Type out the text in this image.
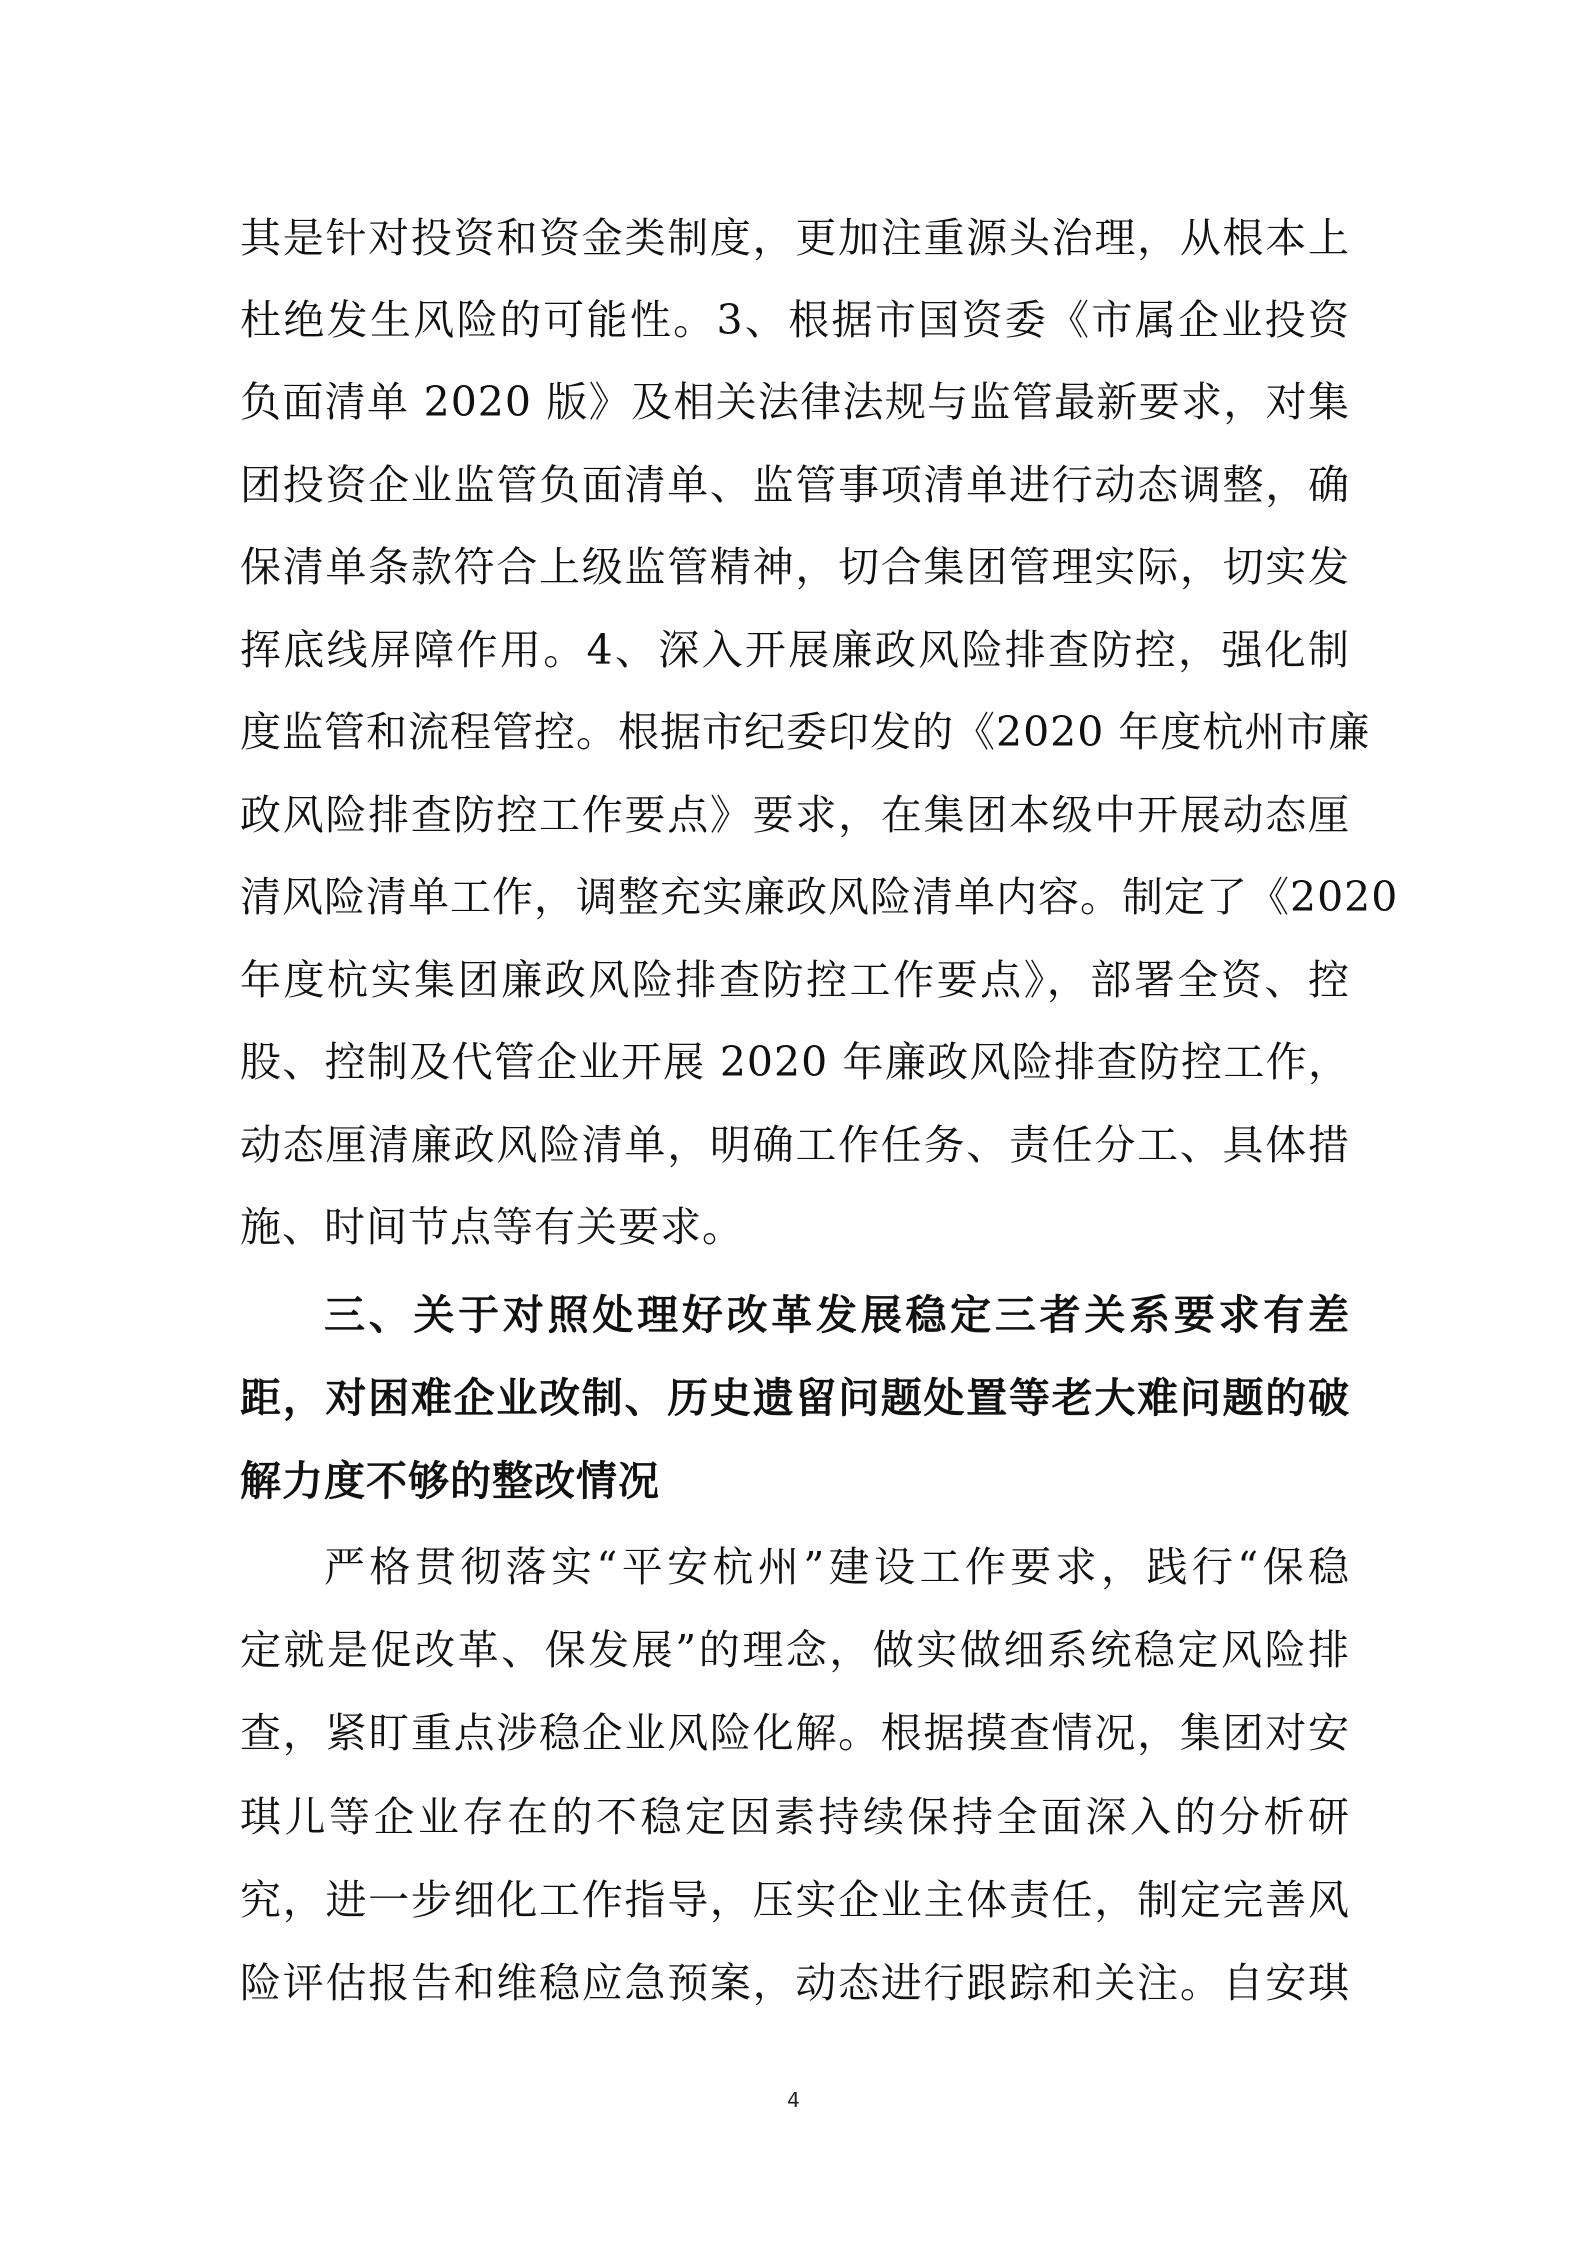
其是针对投资和资金类制度，更加注重源头治理，从根本上
杜绝发生风险的可能性。3、根据市国资委《市属企业投资
负面清单 2020 版》及相关法律法规与监管最新要求，对集
团投资企业监管负面清单、监管事项清单进行动态调整，确
保清单条款符合上级监管精神，切合集团管理实际，切实发
挥底线屏障作用。4、深入开展廉政风险排查防控，强化制
度监管和流程管控。根据市纪委印发的《2020 年度杭州市廉
政风险排查防控工作要点》要求，在集团本级中开展动态厘
清风险清单工作，调整充实廉政风险清单内容。制定了《2020
年度杭实集团廉政风险排查防控工作要点》，部署全资、控
股、控制及代管企业开展 2020 年廉政风险排查防控工作，
动态厘清廉政风险清单，明确工作任务、责任分工、具体措
施、时间节点等有关要求。
三、关于对照处理好改革发展稳定三者关系要求有差
距，对困难企业改制、历史遗留问题处置等老大难问题的破
解力度不够的整改情况
严格贯彻落实“平安杭州”建设工作要求，践行“保稳
定就是促改革、保发展”的理念，做实做细系统稳定风险排
查，紧盯重点涉稳企业风险化解。根据摸查情况，集团对安
琪儿等企业存在的不稳定因素持续保持全面深入的分析研
究，进一步细化工作指导，压实企业主体责任，制定完善风
险评估报告和维稳应急预案，动态进行跟踪和关注。自安琪
4
